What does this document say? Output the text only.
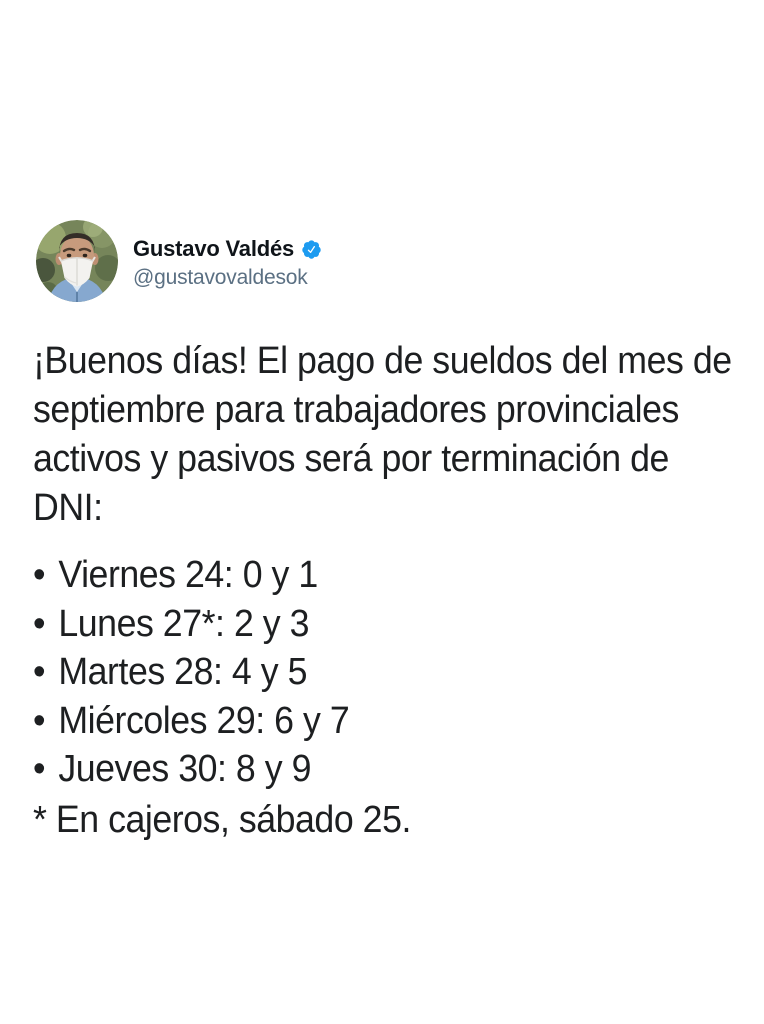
Gustavo Valdés
@gustavovaldesok
¡Buenos días! El pago de sueldos del mes de
septiembre para trabajadores provinciales
activos y pasivos será por terminación de
DNI:
• Viernes 24: 0 y 1
• Lunes 27*: 2 y 3
• Martes 28: 4 y 5
• Miércoles 29: 6 y 7
• Jueves 30: 8 y 9
* En cajeros, sábado 25.
